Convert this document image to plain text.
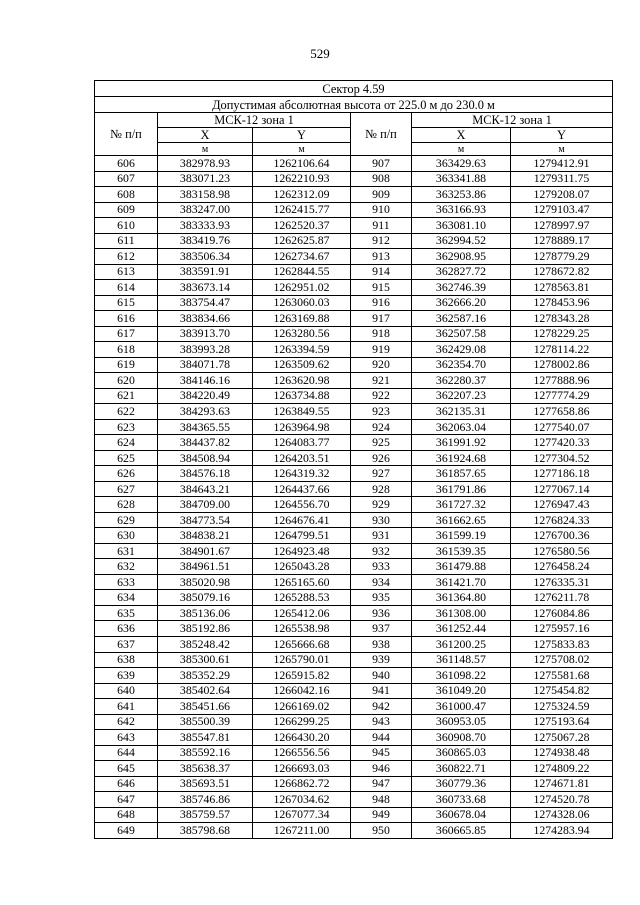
529
Сектор 4.59					
Допустимая абсолютная высота от 225.0 м до 230.0 м					
№ п/п	МСК-12 зона 1		№ п/п	МСК-12 зона 1	
	X	Y		X	Y
	м	м		м	м
606	382978.93	1262106.64	907	363429.63	1279412.91
607	383071.23	1262210.93	908	363341.88	1279311.75
608	383158.98	1262312.09	909	363253.86	1279208.07
609	383247.00	1262415.77	910	363166.93	1279103.47
610	383333.93	1262520.37	911	363081.10	1278997.97
611	383419.76	1262625.87	912	362994.52	1278889.17
612	383506.34	1262734.67	913	362908.95	1278779.29
613	383591.91	1262844.55	914	362827.72	1278672.82
614	383673.14	1262951.02	915	362746.39	1278563.81
615	383754.47	1263060.03	916	362666.20	1278453.96
616	383834.66	1263169.88	917	362587.16	1278343.28
617	383913.70	1263280.56	918	362507.58	1278229.25
618	383993.28	1263394.59	919	362429.08	1278114.22
619	384071.78	1263509.62	920	362354.70	1278002.86
620	384146.16	1263620.98	921	362280.37	1277888.96
621	384220.49	1263734.88	922	362207.23	1277774.29
622	384293.63	1263849.55	923	362135.31	1277658.86
623	384365.55	1263964.98	924	362063.04	1277540.07
624	384437.82	1264083.77	925	361991.92	1277420.33
625	384508.94	1264203.51	926	361924.68	1277304.52
626	384576.18	1264319.32	927	361857.65	1277186.18
627	384643.21	1264437.66	928	361791.86	1277067.14
628	384709.00	1264556.70	929	361727.32	1276947.43
629	384773.54	1264676.41	930	361662.65	1276824.33
630	384838.21	1264799.51	931	361599.19	1276700.36
631	384901.67	1264923.48	932	361539.35	1276580.56
632	384961.51	1265043.28	933	361479.88	1276458.24
633	385020.98	1265165.60	934	361421.70	1276335.31
634	385079.16	1265288.53	935	361364.80	1276211.78
635	385136.06	1265412.06	936	361308.00	1276084.86
636	385192.86	1265538.98	937	361252.44	1275957.16
637	385248.42	1265666.68	938	361200.25	1275833.83
638	385300.61	1265790.01	939	361148.57	1275708.02
639	385352.29	1265915.82	940	361098.22	1275581.68
640	385402.64	1266042.16	941	361049.20	1275454.82
641	385451.66	1266169.02	942	361000.47	1275324.59
642	385500.39	1266299.25	943	360953.05	1275193.64
643	385547.81	1266430.20	944	360908.70	1275067.28
644	385592.16	1266556.56	945	360865.03	1274938.48
645	385638.37	1266693.03	946	360822.71	1274809.22
646	385693.51	1266862.72	947	360779.36	1274671.81
647	385746.86	1267034.62	948	360733.68	1274520.78
648	385759.57	1267077.34	949	360678.04	1274328.06
649	385798.68	1267211.00	950	360665.85	1274283.94
